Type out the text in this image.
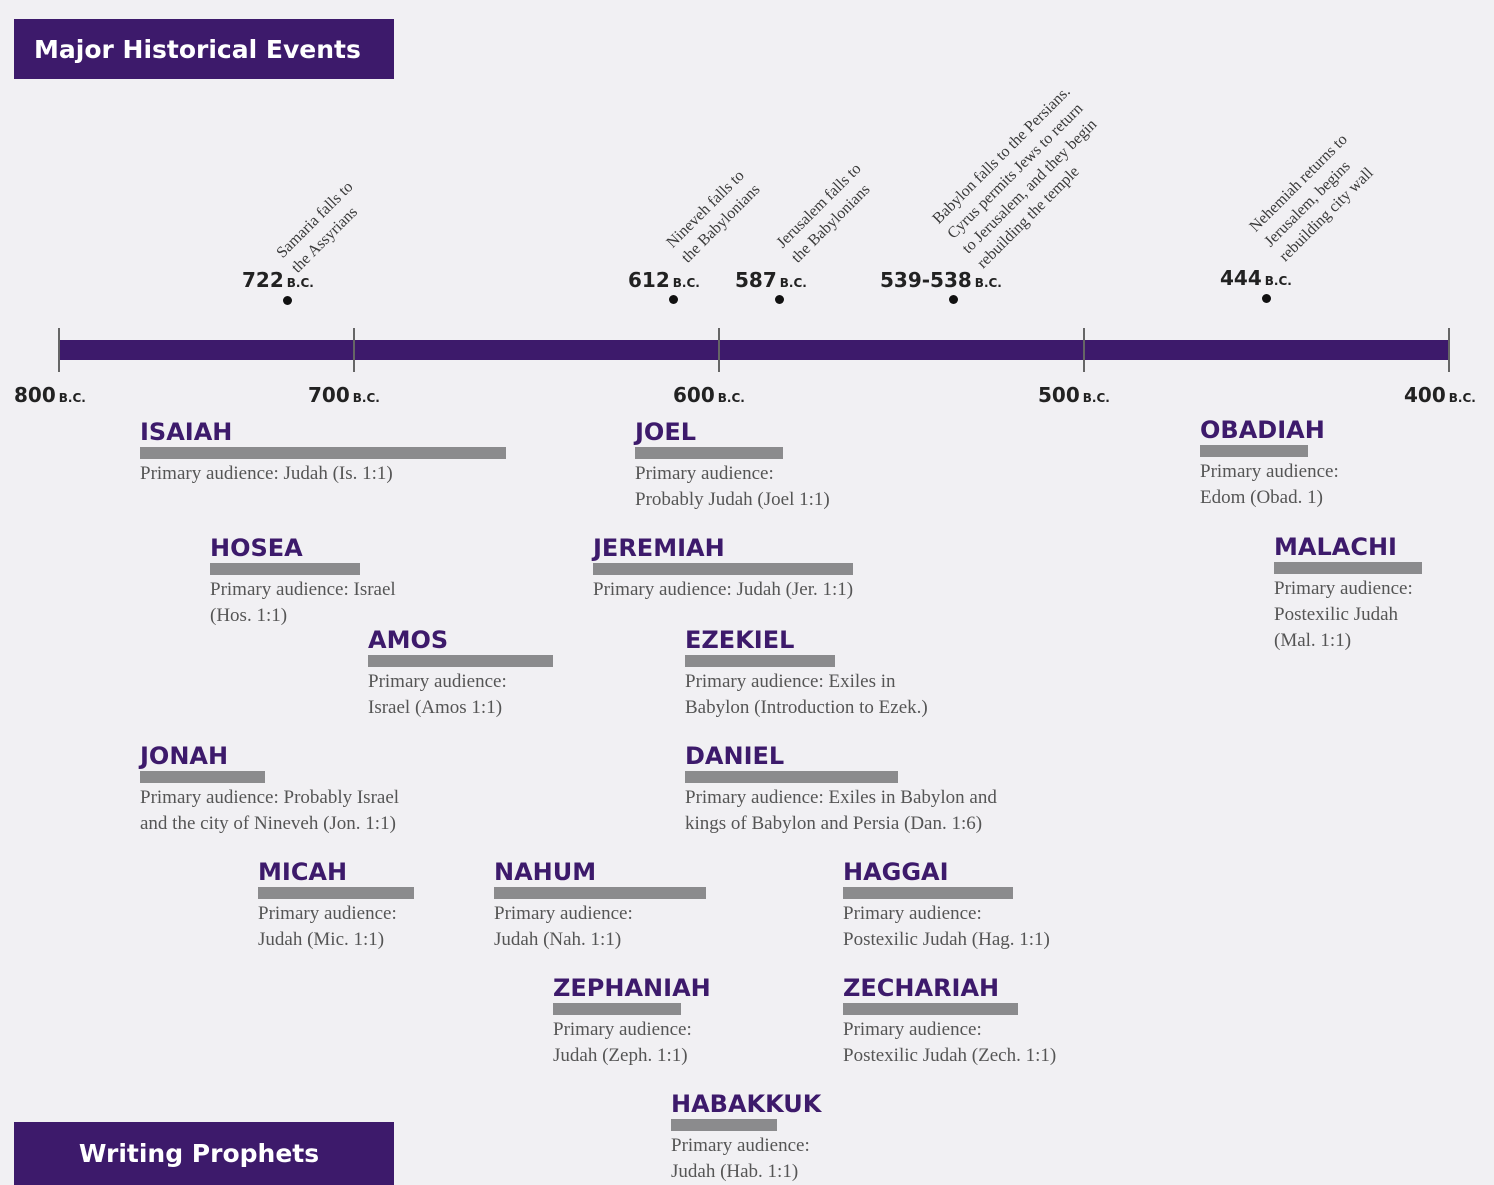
Major Historical Events
Samaria falls to
the Assyrians
722 B.C.
Nineveh falls to
the Babylonians
612 B.C.
Jerusalem falls to
the Babylonians
587 B.C.
Babylon falls to the Persians.
Cyrus permits Jews to return
to Jerusalem, and they begin
rebuilding the temple
539-538 B.C.
Nehemiah returns to
Jerusalem, begins
rebuilding city wall
444 B.C.
800 B.C.	700 B.C.	600 B.C.	500 B.C.	400 B.C.
ISAIAH
Primary audience: Judah (Is. 1:1)
JOEL
Primary audience:
Probably Judah (Joel 1:1)
OBADIAH
Primary audience:
Edom (Obad. 1)
HOSEA
Primary audience: Israel
(Hos. 1:1)
JEREMIAH
Primary audience: Judah (Jer. 1:1)
MALACHI
Primary audience:
Postexilic Judah
(Mal. 1:1)
AMOS
Primary audience:
Israel (Amos 1:1)
EZEKIEL
Primary audience: Exiles in
Babylon (Introduction to Ezek.)
JONAH
Primary audience: Probably Israel
and the city of Nineveh (Jon. 1:1)
DANIEL
Primary audience: Exiles in Babylon and
kings of Babylon and Persia (Dan. 1:6)
MICAH
Primary audience:
Judah (Mic. 1:1)
NAHUM
Primary audience:
Judah (Nah. 1:1)
HAGGAI
Primary audience:
Postexilic Judah (Hag. 1:1)
ZEPHANIAH
Primary audience:
Judah (Zeph. 1:1)
ZECHARIAH
Primary audience:
Postexilic Judah (Zech. 1:1)
HABAKKUK
Primary audience:
Judah (Hab. 1:1)
Writing Prophets
